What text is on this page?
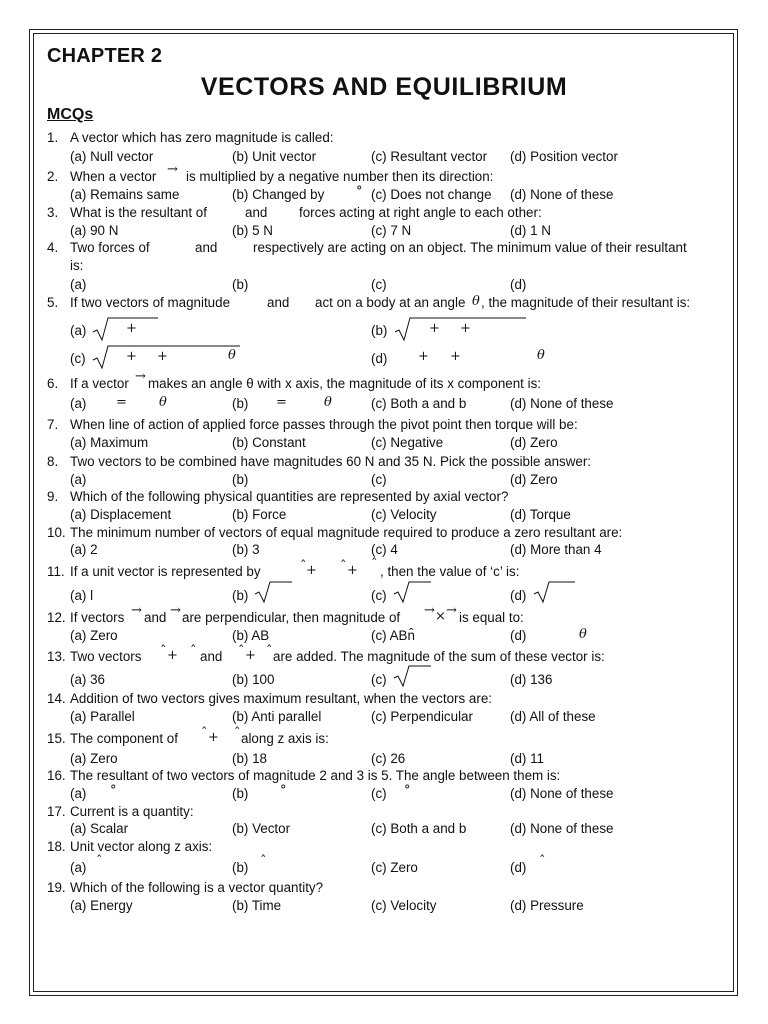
CHAPTER 2
VECTORS AND EQUILIBRIUM
MCQs
1. A vector which has zero magnitude is called:
(a) Null vector	(b) Unit vector	(c) Resultant vector (d) Position vector
2. When a vector → is multiplied by a negative number then its direction:
(a) Remains same	(b) Changed by ° (c) Does not change (d) None of these
3. What is the resultant of	and forces acting at right angle to each other:
(a) 90 N	(b) 5 N	(c) 7 N	(d) 1 N
4. Two forces of	and	respectively are acting on an object. The minimum value of their resultant
is:
(a)	(b)	(c)	(d)
5. If two vectors of magnitude	and act on a body at an angle θ , the magnitude of their resultant is:
(a)	+	(b)	+ +
(c)	+ +	θ	(d) + +	θ
6. If a vector → makes an angle θ with x axis, the magnitude of its x component is:
(a) = θ	(b) =	θ	(c) Both a and b	(d) None of these
7. When line of action of applied force passes through the pivot point then torque will be:
(a) Maximum	(b) Constant	(c) Negative	(d) Zero
8. Two vectors to be combined have magnitudes 60 N and 35 N. Pick the possible answer:
(a)	(b)	(c)	(d) Zero
9. Which of the following physical quantities are represented by axial vector?
(a) Displacement	(b) Force	(c) Velocity	(d) Torque
10. The minimum number of vectors of equal magnitude required to produce a zero resultant are:
(a) 2	(b) 3	(c) 4	(d) More than 4
11. If a unit vector is represented by	ˆ + ˆ + ˆ , then the value of ‘c’ is:
(a) l	(b)	(c)	(d)
12. If vectors → and → are perpendicular, then magnitude of → × → is equal to:
(a) Zero	(b) AB	(c) ABn̂	(d)	θ
13. Two vectors ˆ + ˆ and ˆ + ˆ are added. The magnitude of the sum of these vector is:
(a) 36	(b) 100	(c)	(d) 136
14. Addition of two vectors gives maximum resultant, when the vectors are:
(a) Parallel	(b) Anti parallel	(c) Perpendicular	(d) All of these
15. The component of ˆ + ˆ along z axis is:
(a) Zero	(b) 18	(c) 26	(d) 11
16. The resultant of two vectors of magnitude 2 and 3 is 5. The angle between them is:
(a) °	(b) °	(c) °	(d) None of these
17. Current is a quantity:
(a) Scalar	(b) Vector	(c) Both a and b	(d) None of these
18. Unit vector along z axis:
(a) ˆ	(b) ˆ	(c) Zero	(d) ˆ
19. Which of the following is a vector quantity?
(a) Energy	(b) Time	(c) Velocity	(d) Pressure
